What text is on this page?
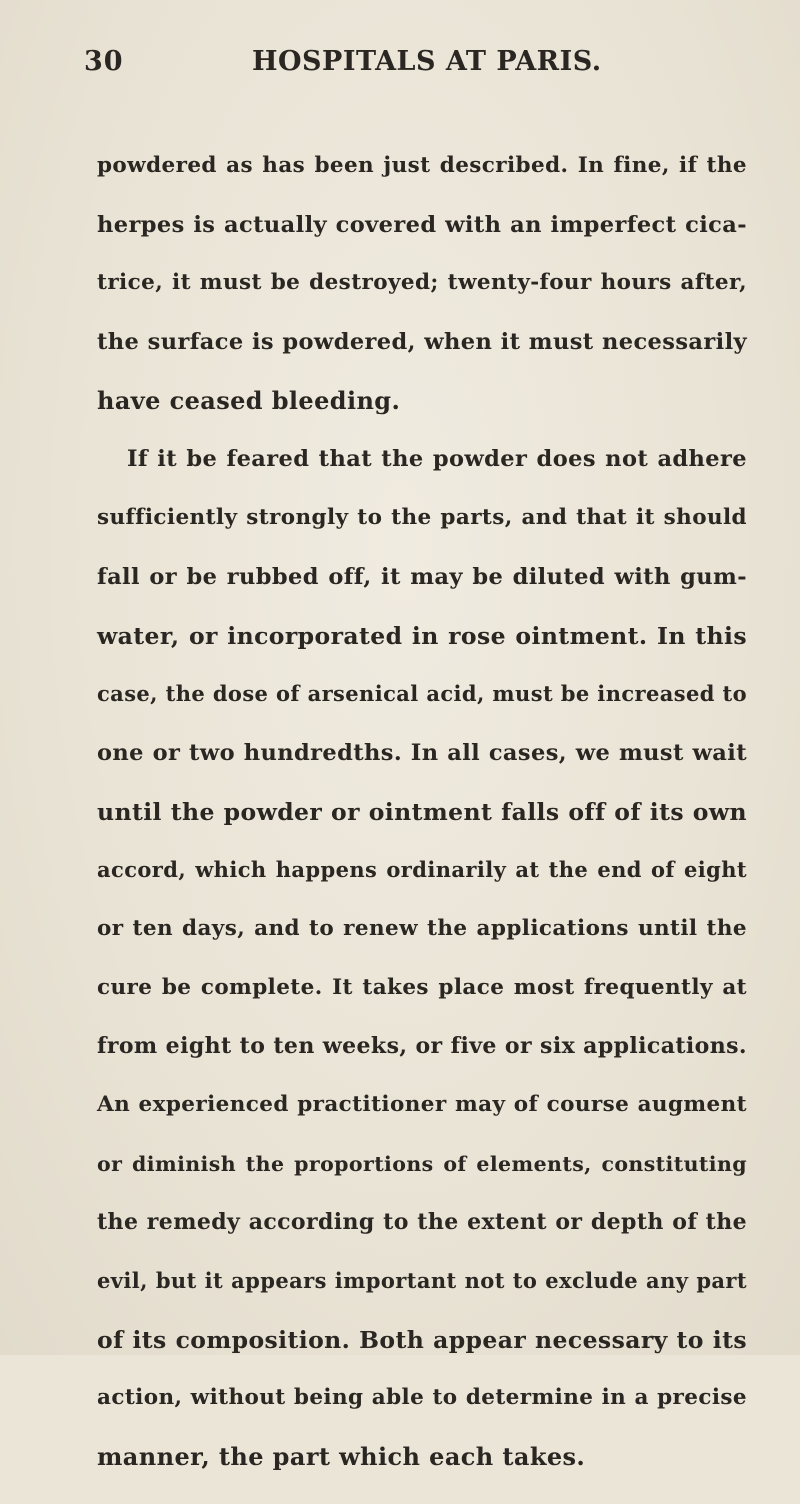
30	HOSPITALS AT PARIS.
powdered as has been just described. In fine, if the
herpes is actually covered with an imperfect cica-
trice, it must be destroyed; twenty-four hours after,
the surface is powdered, when it must necessarily
have ceased bleeding.
If it be feared that the powder does not adhere
sufficiently strongly to the parts, and that it should
fall or be rubbed off, it may be diluted with gum-
water, or incorporated in rose ointment. In this
case, the dose of arsenical acid, must be increased to
one or two hundredths. In all cases, we must wait
until the powder or ointment falls off of its own
accord, which happens ordinarily at the end of eight
or ten days, and to renew the applications until the
cure be complete. It takes place most frequently at
from eight to ten weeks, or five or six applications.
An experienced practitioner may of course augment
or diminish the proportions of elements, constituting
the remedy according to the extent or depth of the
evil, but it appears important not to exclude any part
of its composition. Both appear necessary to its
action, without being able to determine in a precise
manner, the part which each takes.
